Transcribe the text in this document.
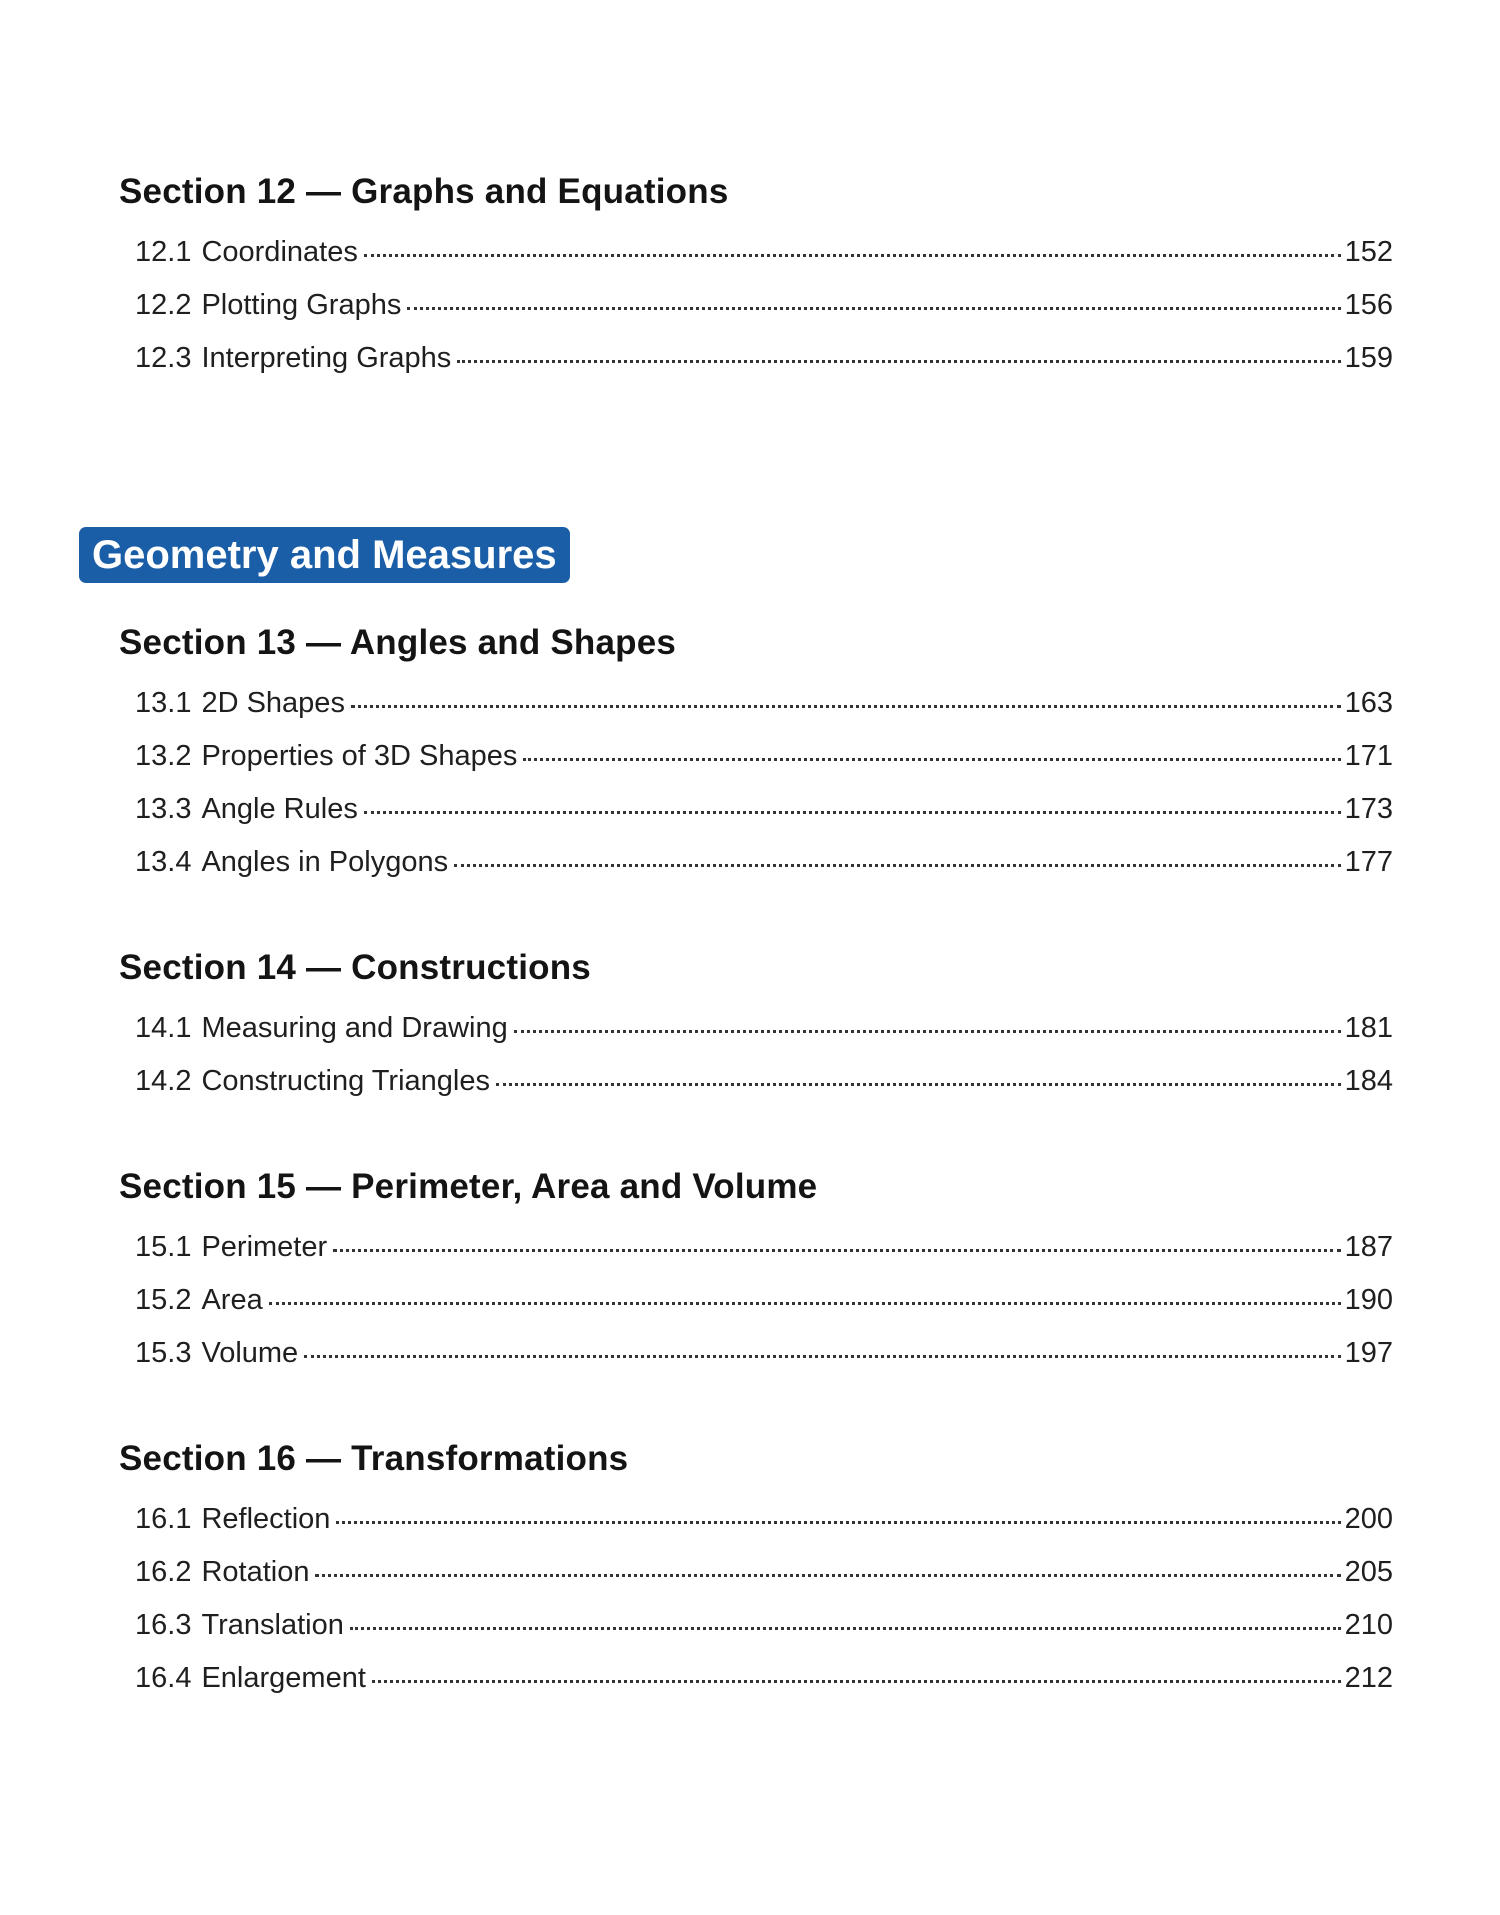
Section 12 — Graphs and Equations
12.1 Coordinates	152
12.2 Plotting Graphs	156
12.3 Interpreting Graphs	159
Geometry and Measures
Section 13 — Angles and Shapes
13.1 2D Shapes	163
13.2 Properties of 3D Shapes	171
13.3 Angle Rules	173
13.4 Angles in Polygons	177
Section 14 — Constructions
14.1 Measuring and Drawing	181
14.2 Constructing Triangles	184
Section 15 — Perimeter, Area and Volume
15.1 Perimeter	187
15.2 Area	190
15.3 Volume	197
Section 16 — Transformations
16.1 Reflection	200
16.2 Rotation	205
16.3 Translation	210
16.4 Enlargement	212
